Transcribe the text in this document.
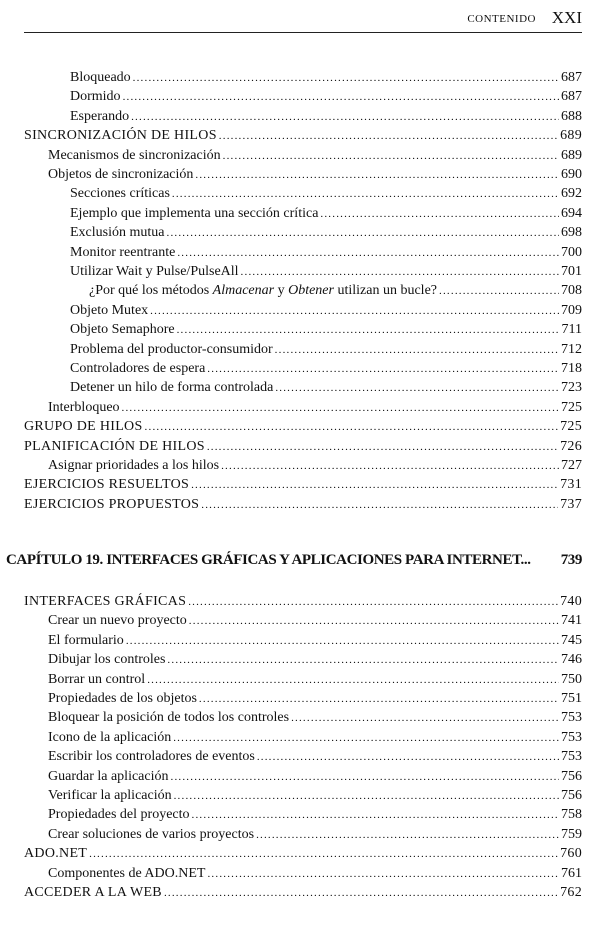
CONTENIDO XXI
Bloqueado .....	687
Dormido .....	687
Esperando .....	688
SINCRONIZACIÓN DE HILOS .....	689
Mecanismos de sincronización .....	689
Objetos de sincronización .....	690
Secciones críticas .....	692
Ejemplo que implementa una sección crítica .....	694
Exclusión mutua .....	698
Monitor reentrante .....	700
Utilizar Wait y Pulse/PulseAll .....	701
¿Por qué los métodos Almacenar y Obtener utilizan un bucle? .....	708
Objeto Mutex .....	709
Objeto Semaphore .....	711
Problema del productor-consumidor .....	712
Controladores de espera .....	718
Detener un hilo de forma controlada .....	723
Interbloqueo .....	725
GRUPO DE HILOS .....	725
PLANIFICACIÓN DE HILOS .....	726
Asignar prioridades a los hilos .....	727
EJERCICIOS RESUELTOS .....	731
EJERCICIOS PROPUESTOS .....	737
CAPÍTULO 19. INTERFACES GRÁFICAS Y APLICACIONES PARA INTERNET...	739
INTERFACES GRÁFICAS .....	740
Crear un nuevo proyecto .....	741
El formulario .....	745
Dibujar los controles .....	746
Borrar un control .....	750
Propiedades de los objetos .....	751
Bloquear la posición de todos los controles .....	753
Icono de la aplicación .....	753
Escribir los controladores de eventos .....	753
Guardar la aplicación .....	756
Verificar la aplicación .....	756
Propiedades del proyecto .....	758
Crear soluciones de varios proyectos .....	759
ADO.NET .....	760
Componentes de ADO.NET .....	761
ACCEDER A LA WEB .....	762
